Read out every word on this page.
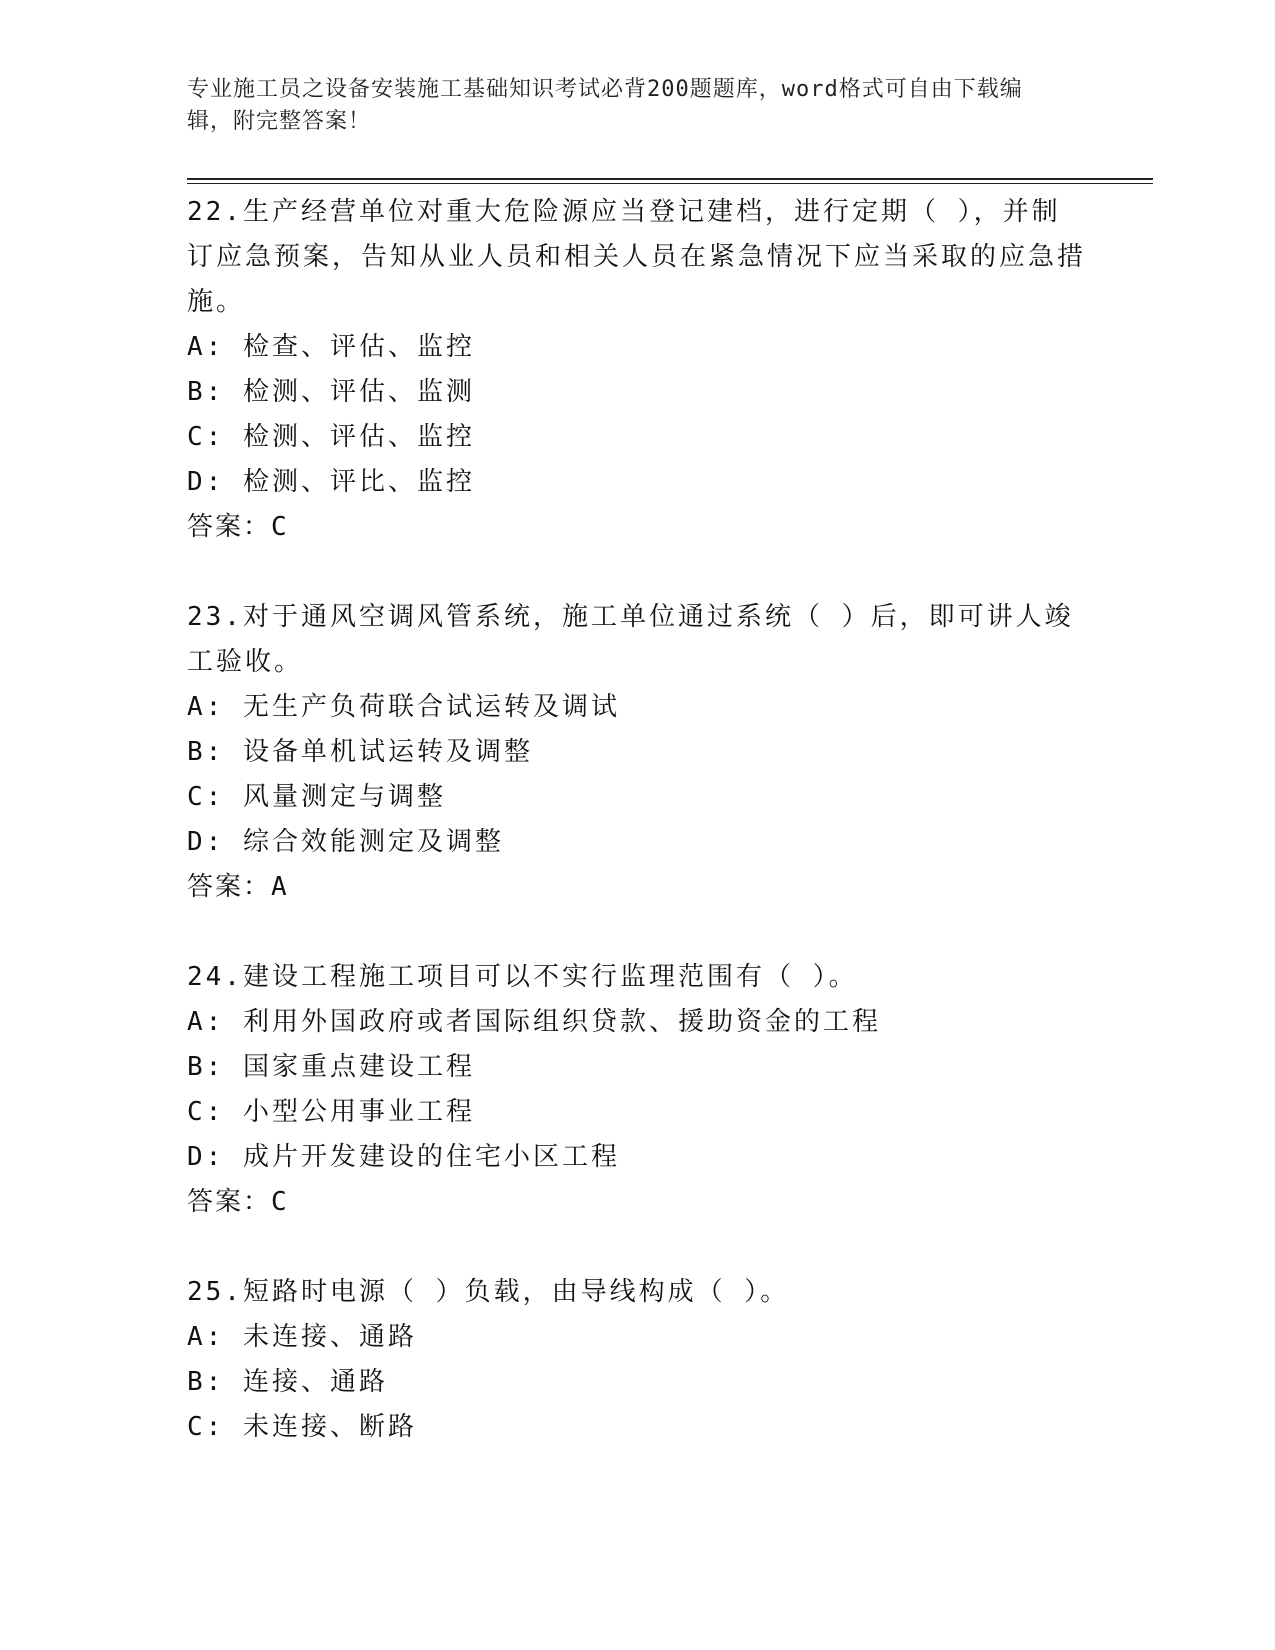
专业施工员之设备安装施工基础知识考试必背200题题库，word格式可自由下载编辑，附完整答案！
22.生产经营单位对重大危险源应当登记建档，进行定期（ ），并制订应急预案，告知从业人员和相关人员在紧急情况下应当采取的应急措施。
A: 检查、评估、监控
B: 检测、评估、监测
C: 检测、评估、监控
D: 检测、评比、监控
答案：C
23.对于通风空调风管系统，施工单位通过系统（ ）后，即可讲人竣工验收。
A: 无生产负荷联合试运转及调试
B: 设备单机试运转及调整
C: 风量测定与调整
D: 综合效能测定及调整
答案：A
24.建设工程施工项目可以不实行监理范围有（ ）。
A: 利用外国政府或者国际组织贷款、援助资金的工程
B: 国家重点建设工程
C: 小型公用事业工程
D: 成片开发建设的住宅小区工程
答案：C
25.短路时电源（ ）负载，由导线构成（ ）。
A: 未连接、通路
B: 连接、通路
C: 未连接、断路
